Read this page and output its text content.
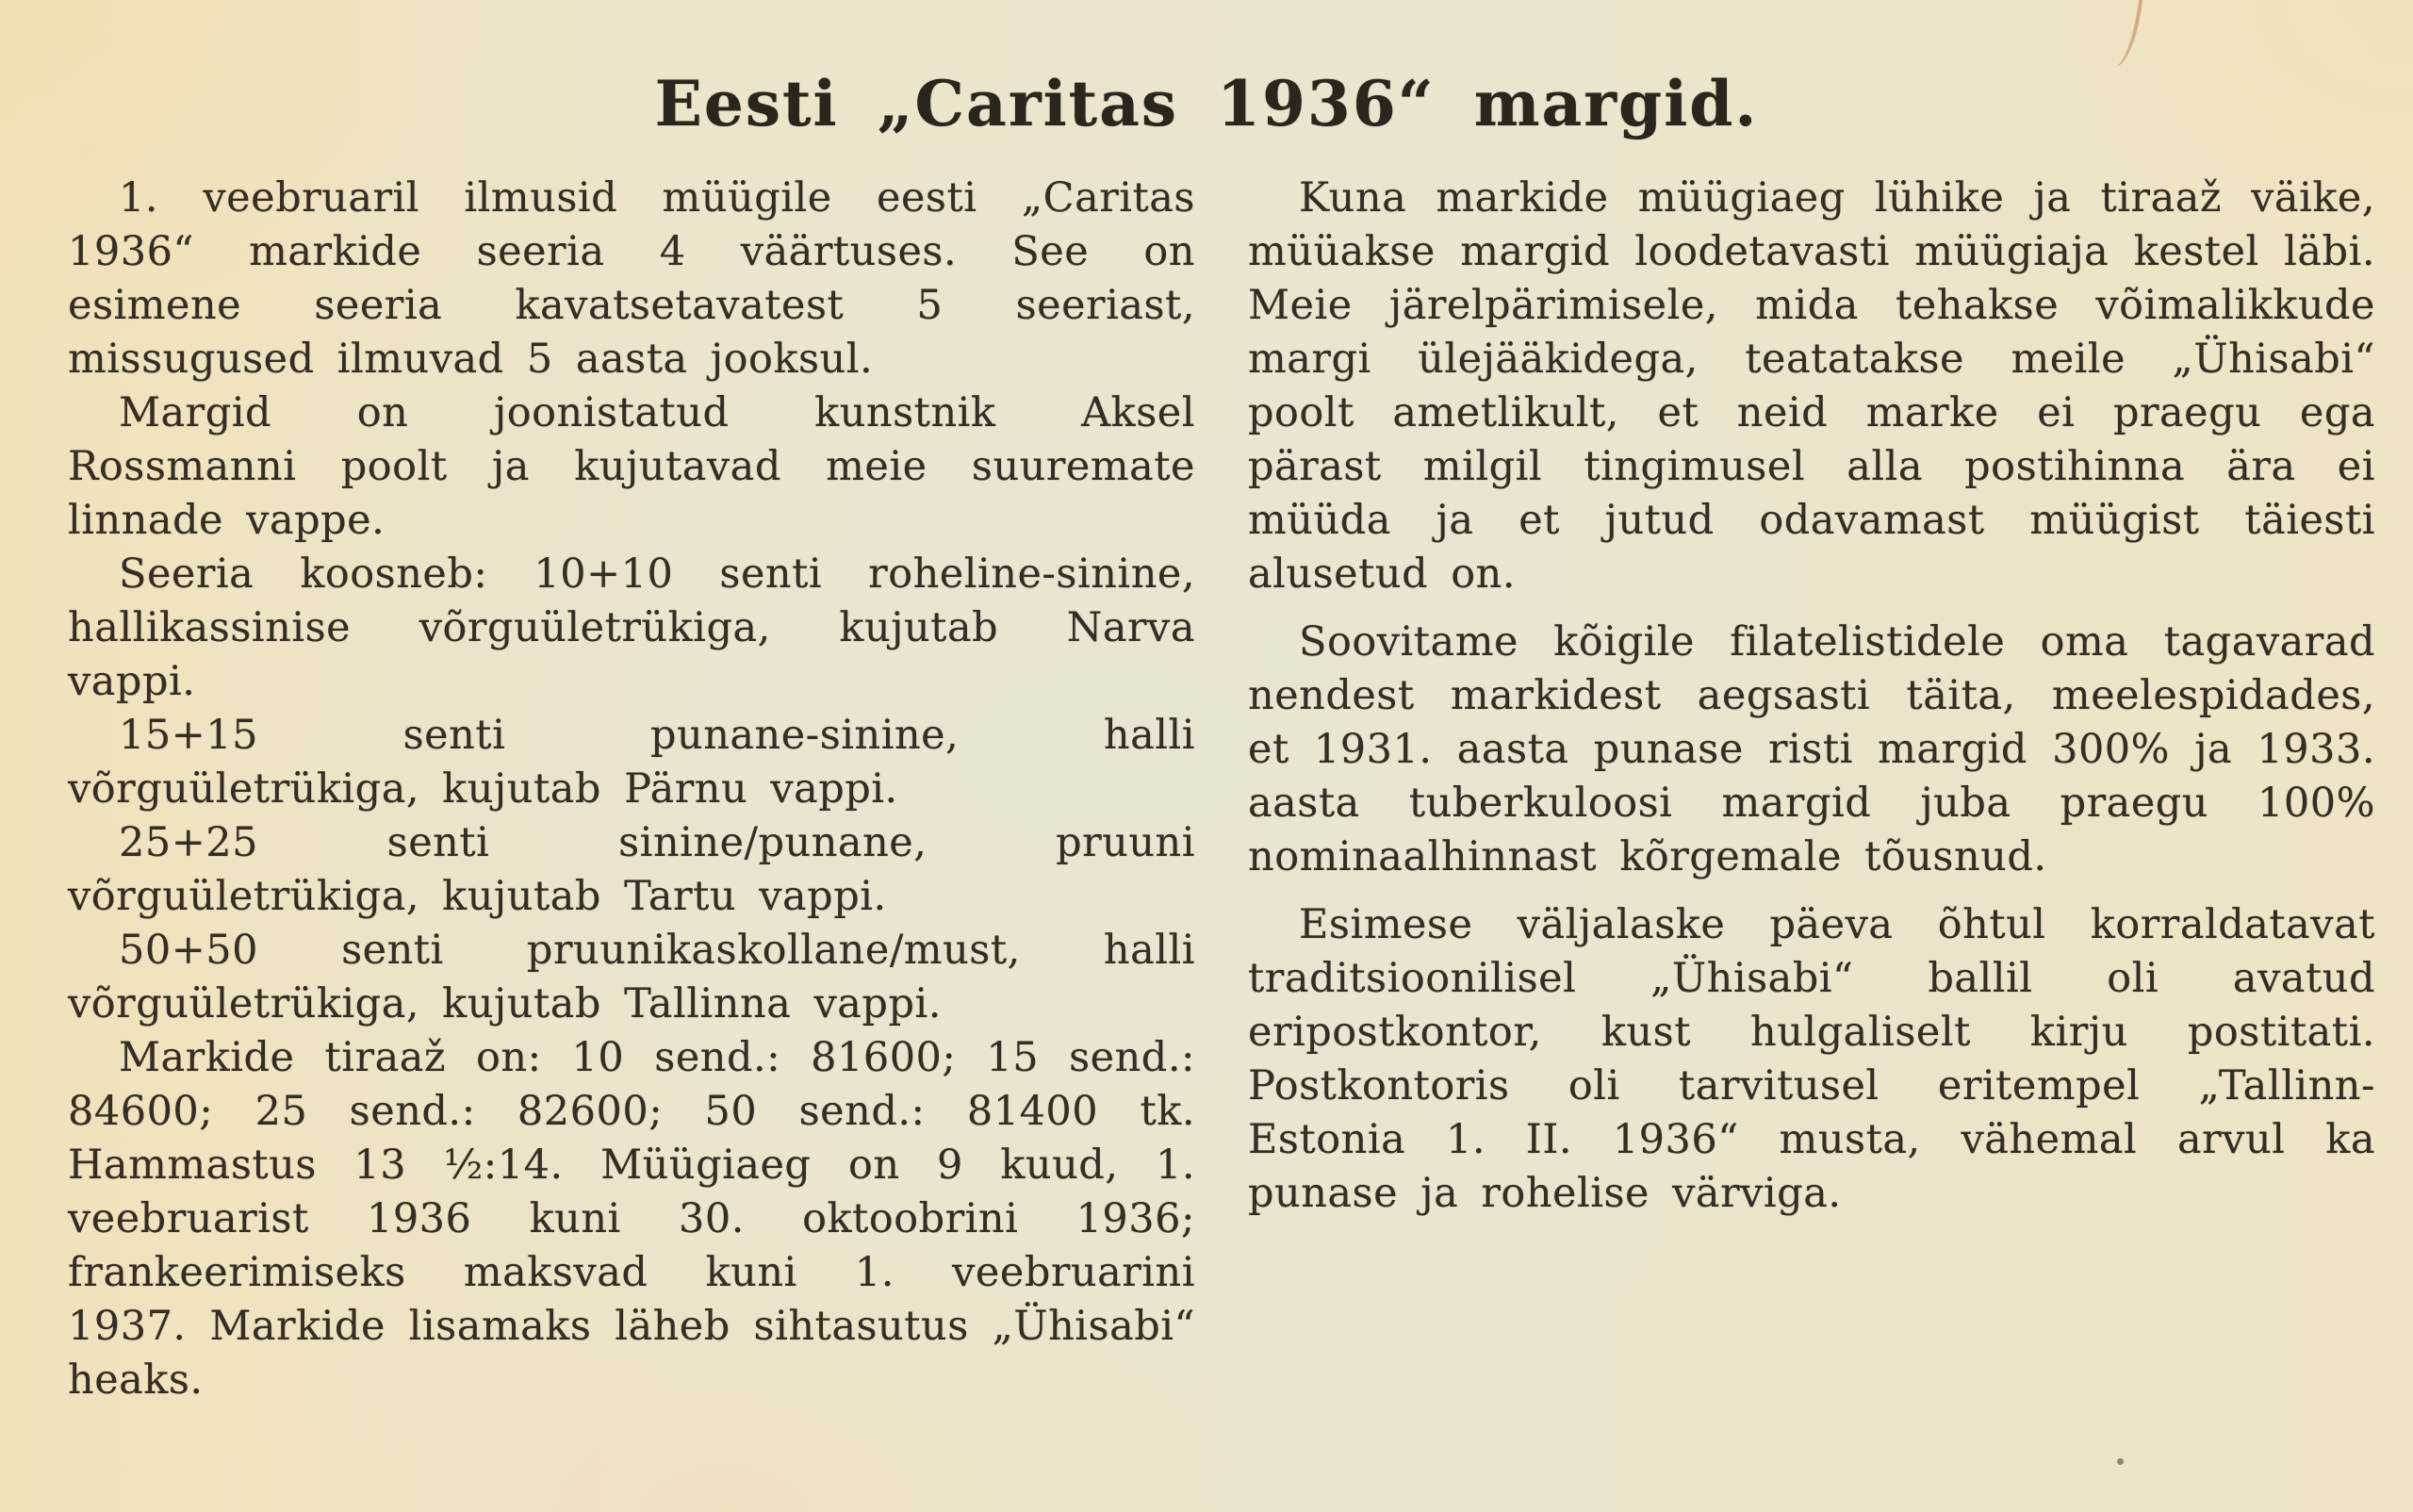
Eesti „Caritas 1936“ margid.

1. veebruaril ilmusid müügile eesti „Caritas 1936“ markide seeria 4 väärtuses. See on esimene seeria kavatsetavatest 5 seeriast, missugused ilmuvad 5 aasta jooksul.

Margid on joonistatud kunstnik Aksel Rossmanni poolt ja kujutavad meie suuremate linnade vappe.

Seeria koosneb: 10+10 senti roheline-sinine, hallikassinise võrguületrükiga, kujutab Narva vappi.

15+15 senti punane-sinine, halli võrguületrükiga, kujutab Pärnu vappi.

25+25 senti sinine/punane, pruuni võrguületrükiga, kujutab Tartu vappi.

50+50 senti pruunikaskollane/must, halli võrguületrükiga, kujutab Tallinna vappi.

Markide tiraaž on: 10 send.: 81600; 15 send.: 84600; 25 send.: 82600; 50 send.: 81400 tk. Hammastus 13 ½:14. Müügiaeg on 9 kuud, 1. veebruarist 1936 kuni 30. oktoobrini 1936; frankeerimiseks maksvad kuni 1. veebruarini 1937. Markide lisamaks läheb sihtasutus „Ühisabi“ heaks.

Kuna markide müügiaeg lühike ja tiraaž väike, müüakse margid loodetavasti müügiaja kestel läbi. Meie järelpärimisele, mida tehakse võimalikkude margi ülejääkidega, teatatakse meile „Ühisabi“ poolt ametlikult, et neid marke ei praegu ega pärast milgil tingimusel alla postihinna ära ei müüda ja et jutud odavamast müügist täiesti alusetud on.

Soovitame kõigile filatelistidele oma tagavarad nendest markidest aegsasti täita, meelespidades, et 1931. aasta punase risti margid 300% ja 1933. aasta tuberkuloosi margid juba praegu 100% nominaalhinnast kõrgemale tõusnud.

Esimese väljalaske päeva õhtul korraldatavat traditsioonilisel „Ühisabi“ ballil oli avatud eripostkontor, kust hulgaliselt kirju postitati. Postkontoris oli tarvitusel eritempel „Tallinn-Estonia 1. II. 1936“ musta, vähemal arvul ka punase ja rohelise värviga.
